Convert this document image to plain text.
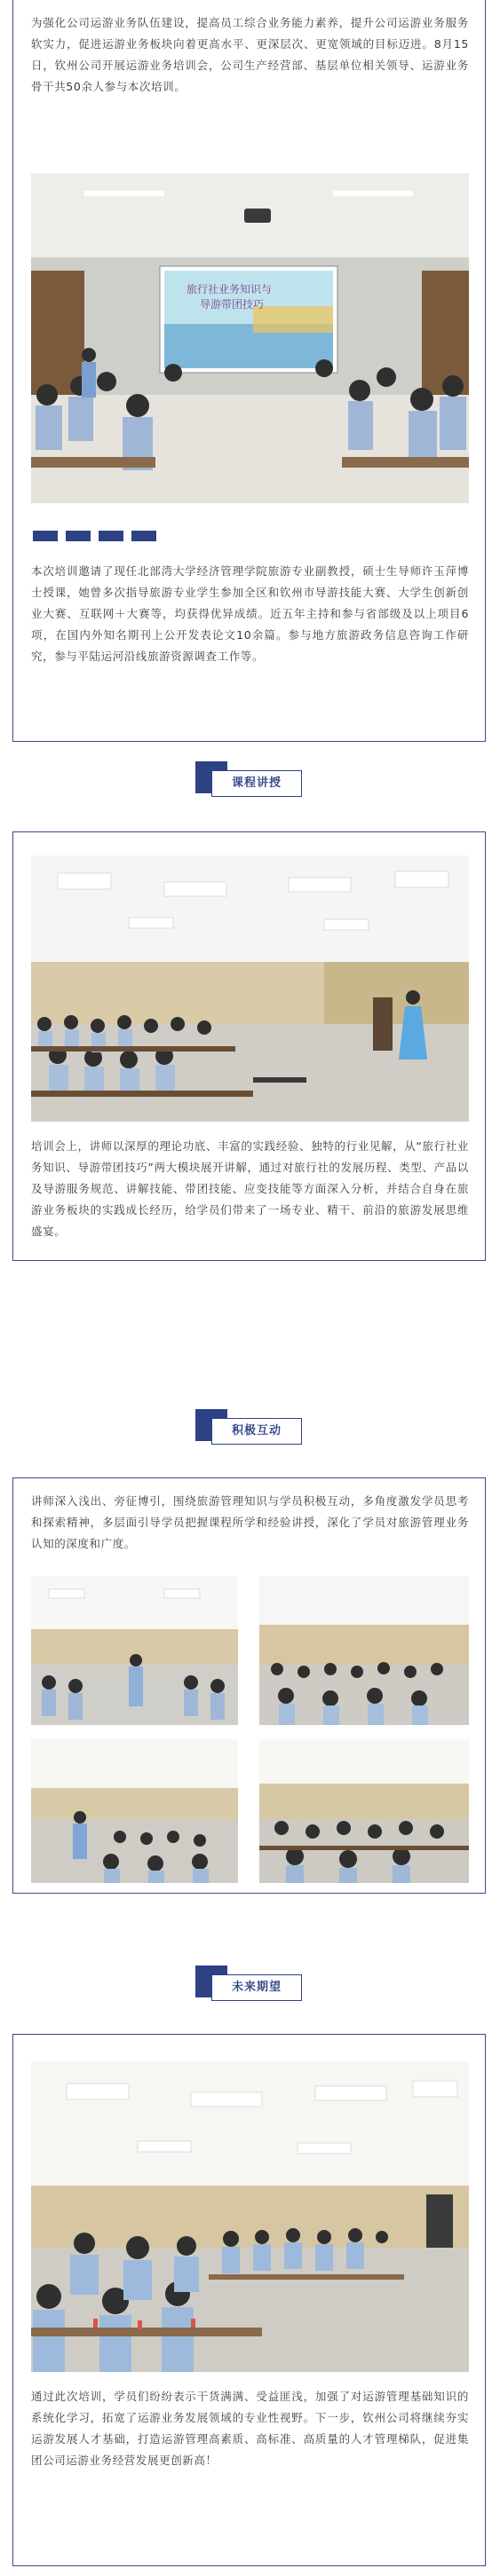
为强化公司运游业务队伍建设，提高员工综合业务能力素养，提升公司运游业务服务软实力，促进运游业务板块向着更高水平、更深层次、更宽领域的目标迈进。8月15日，钦州公司开展运游业务培训会，公司生产经营部、基层单位相关领导、运游业务骨干共50余人参与本次培训。

旅行社业务知识与
导游带团技巧

本次培训邀请了现任北部湾大学经济管理学院旅游专业副教授，硕士生导师许玉萍博士授课，她曾多次指导旅游专业学生参加全区和钦州市导游技能大赛、大学生创新创业大赛、互联网＋大赛等，均获得优异成绩。近五年主持和参与省部级及以上项目6项，在国内外知名期刊上公开发表论文10余篇。参与地方旅游政务信息咨询工作研究，参与平陆运河沿线旅游资源调查工作等。

课程讲授

培训会上，讲师以深厚的理论功底、丰富的实践经验、独特的行业见解，从“旅行社业务知识、导游带团技巧”两大模块展开讲解，通过对旅行社的发展历程、类型、产品以及导游服务规范、讲解技能、带团技能、应变技能等方面深入分析，并结合自身在旅游业务板块的实践成长经历，给学员们带来了一场专业、精干、前沿的旅游发展思维盛宴。

积极互动

讲师深入浅出、旁征博引，围绕旅游管理知识与学员积极互动，多角度激发学员思考和探索精神，多层面引导学员把握课程所学和经验讲授，深化了学员对旅游管理业务认知的深度和广度。

未来期望

通过此次培训，学员们纷纷表示干货满满、受益匪浅，加强了对运游管理基础知识的系统化学习，拓宽了运游业务发展领域的专业性视野。下一步，钦州公司将继续夯实运游发展人才基础，打造运游管理高素质、高标准、高质量的人才管理梯队，促进集团公司运游业务经营发展更创新高！
